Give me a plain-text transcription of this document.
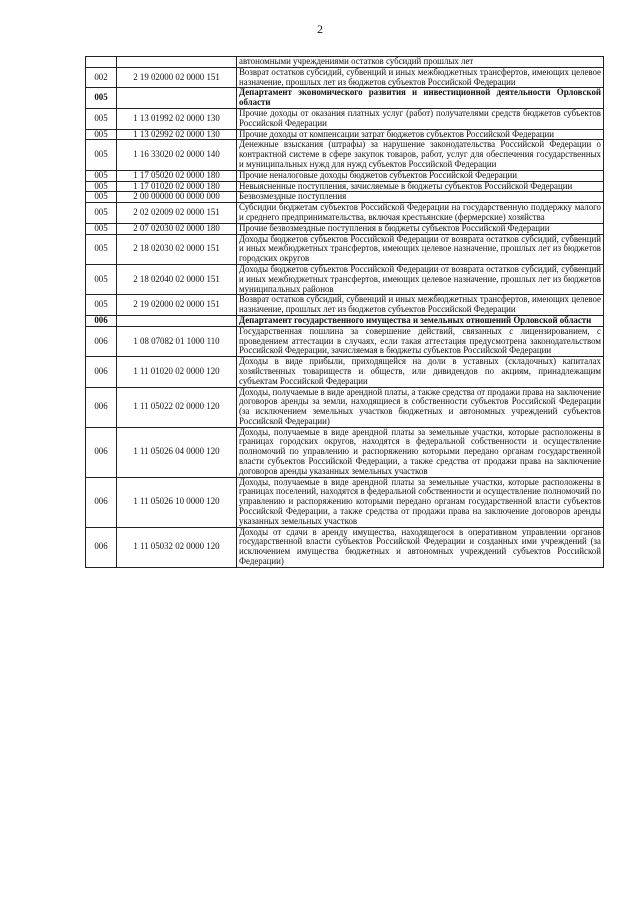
2
		автономными учреждениями остатков субсидий прошлых лет
002	2 19 02000 02 0000 151	Возврат остатков субсидий, субвенций и иных межбюджетных трансфертов, имеющих целевое назначение, прошлых лет из бюджетов субъектов Российской Федерации
005		Департамент экономического развития и инвестиционной деятельности Орловской области
005	1 13 01992 02 0000 130	Прочие доходы от оказания платных услуг (работ) получателями средств бюджетов субъектов Российской Федерации
005	1 13 02992 02 0000 130	Прочие доходы от компенсации затрат бюджетов субъектов Российской Федерации
005	1 16 33020 02 0000 140	Денежные взыскания (штрафы) за нарушение законодательства Российской Федерации о контрактной системе в сфере закупок товаров, работ, услуг для обеспечения государственных и муниципальных нужд для нужд субъектов Российской Федерации
005	1 17 05020 02 0000 180	Прочие неналоговые доходы бюджетов субъектов Российской Федерации
005	1 17 01020 02 0000 180	Невыясненные поступления, зачисляемые в бюджеты субъектов Российской Федерации
005	2 00 00000 00 0000 000	Безвозмездные поступления
005	2 02 02009 02 0000 151	Субсидии бюджетам субъектов Российской Федерации на государственную поддержку малого и среднего предпринимательства, включая крестьянские (фермерские) хозяйства
005	2 07 02030 02 0000 180	Прочие безвозмездные поступления в бюджеты субъектов Российской Федерации
005	2 18 02030 02 0000 151	Доходы бюджетов субъектов Российской Федерации от возврата остатков субсидий, субвенций и иных межбюджетных трансфертов, имеющих целевое назначение, прошлых лет из бюджетов городских округов
005	2 18 02040 02 0000 151	Доходы бюджетов субъектов Российской Федерации от возврата остатков субсидий, субвенций и иных межбюджетных трансфертов, имеющих целевое назначение, прошлых лет из бюджетов муниципальных районов
005	2 19 02000 02 0000 151	Возврат остатков субсидий, субвенций и иных межбюджетных трансфертов, имеющих целевое назначение, прошлых лет из бюджетов субъектов Российской Федерации
006		Департамент государственного имущества и земельных отношений Орловской области
006	1 08 07082 01 1000 110	Государственная пошлина за совершение действий, связанных с лицензированием, с проведением аттестации в случаях, если такая аттестация предусмотрена законодательством Российской Федерации, зачисляемая в бюджеты субъектов Российской Федерации
006	1 11 01020 02 0000 120	Доходы в виде прибыли, приходящейся на доли в уставных (складочных) капиталах хозяйственных товариществ и обществ, или дивидендов по акциям, принадлежащим субъектам Российской Федерации
006	1 11 05022 02 0000 120	Доходы, получаемые в виде арендной платы, а также средства от продажи права на заключение договоров аренды за земли, находящиеся в собственности субъектов Российской Федерации (за исключением земельных участков бюджетных и автономных учреждений субъектов Российской Федерации)
006	1 11 05026 04 0000 120	Доходы, получаемые в виде арендной платы за земельные участки, которые расположены в границах городских округов, находятся в федеральной собственности и осуществление полномочий по управлению и распоряжению которыми передано органам государственной власти субъектов Российской Федерации, а также средства от продажи права на заключение договоров аренды указанных земельных участков
006	1 11 05026 10 0000 120	Доходы, получаемые в виде арендной платы за земельные участки, которые расположены в границах поселений, находятся в федеральной собственности и осуществление полномочий по управлению и распоряжению которыми передано органам государственной власти субъектов Российской Федерации, а также средства от продажи права на заключение договоров аренды указанных земельных участков
006	1 11 05032 02 0000 120	Доходы от сдачи в аренду имущества, находящегося в оперативном управлении органов государственной власти субъектов Российской Федерации и созданных ими учреждений (за исключением имущества бюджетных и автономных учреждений субъектов Российской Федерации)
